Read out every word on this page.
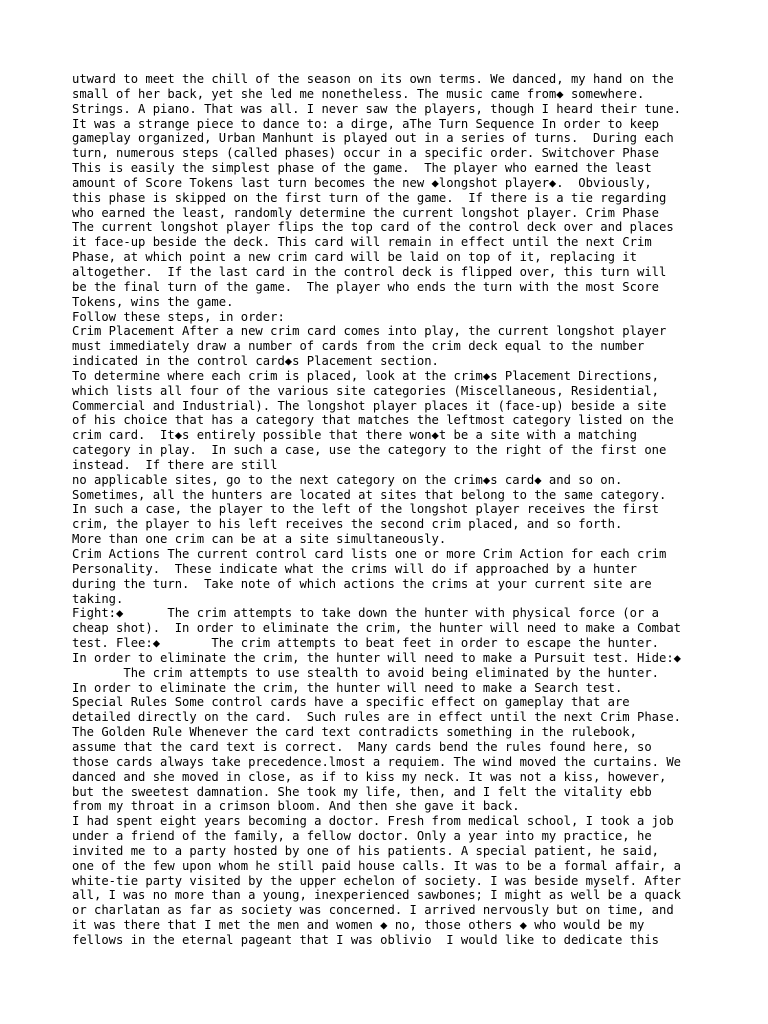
utward to meet the chill of the season on its own terms. We danced, my hand on the
small of her back, yet she led me nonetheless. The music came from◆ somewhere.
Strings. A piano. That was all. I never saw the players, though I heard their tune.
It was a strange piece to dance to: a dirge, aThe Turn Sequence In order to keep
gameplay organized, Urban Manhunt is played out in a series of turns.  During each
turn, numerous steps (called phases) occur in a specific order. Switchover Phase
This is easily the simplest phase of the game.  The player who earned the least
amount of Score Tokens last turn becomes the new ◆longshot player◆.  Obviously,
this phase is skipped on the first turn of the game.  If there is a tie regarding
who earned the least, randomly determine the current longshot player. Crim Phase
The current longshot player flips the top card of the control deck over and places
it face-up beside the deck. This card will remain in effect until the next Crim
Phase, at which point a new crim card will be laid on top of it, replacing it
altogether.  If the last card in the control deck is flipped over, this turn will
be the final turn of the game.  The player who ends the turn with the most Score
Tokens, wins the game.
Follow these steps, in order:
Crim Placement After a new crim card comes into play, the current longshot player
must immediately draw a number of cards from the crim deck equal to the number
indicated in the control card◆s Placement section.
To determine where each crim is placed, look at the crim◆s Placement Directions,
which lists all four of the various site categories (Miscellaneous, Residential,
Commercial and Industrial). The longshot player places it (face-up) beside a site
of his choice that has a category that matches the leftmost category listed on the
crim card.  It◆s entirely possible that there won◆t be a site with a matching
category in play.  In such a case, use the category to the right of the first one
instead.  If there are still
no applicable sites, go to the next category on the crim◆s card◆ and so on.
Sometimes, all the hunters are located at sites that belong to the same category.
In such a case, the player to the left of the longshot player receives the first
crim, the player to his left receives the second crim placed, and so forth.
More than one crim can be at a site simultaneously.
Crim Actions The current control card lists one or more Crim Action for each crim
Personality.  These indicate what the crims will do if approached by a hunter
during the turn.  Take note of which actions the crims at your current site are
taking.
Fight:◆      The crim attempts to take down the hunter with physical force (or a
cheap shot).  In order to eliminate the crim, the hunter will need to make a Combat
test. Flee:◆       The crim attempts to beat feet in order to escape the hunter.
In order to eliminate the crim, the hunter will need to make a Pursuit test. Hide:◆
The crim attempts to use stealth to avoid being eliminated by the hunter.
In order to eliminate the crim, the hunter will need to make a Search test.
Special Rules Some control cards have a specific effect on gameplay that are
detailed directly on the card.  Such rules are in effect until the next Crim Phase.
The Golden Rule Whenever the card text contradicts something in the rulebook,
assume that the card text is correct.  Many cards bend the rules found here, so
those cards always take precedence.lmost a requiem. The wind moved the curtains. We
danced and she moved in close, as if to kiss my neck. It was not a kiss, however,
but the sweetest damnation. She took my life, then, and I felt the vitality ebb
from my throat in a crimson bloom. And then she gave it back.
I had spent eight years becoming a doctor. Fresh from medical school, I took a job
under a friend of the family, a fellow doctor. Only a year into my practice, he
invited me to a party hosted by one of his patients. A special patient, he said,
one of the few upon whom he still paid house calls. It was to be a formal affair, a
white-tie party visited by the upper echelon of society. I was beside myself. After
all, I was no more than a young, inexperienced sawbones; I might as well be a quack
or charlatan as far as society was concerned. I arrived nervously but on time, and
it was there that I met the men and women ◆ no, those others ◆ who would be my
fellows in the eternal pageant that I was oblivio  I would like to dedicate this
